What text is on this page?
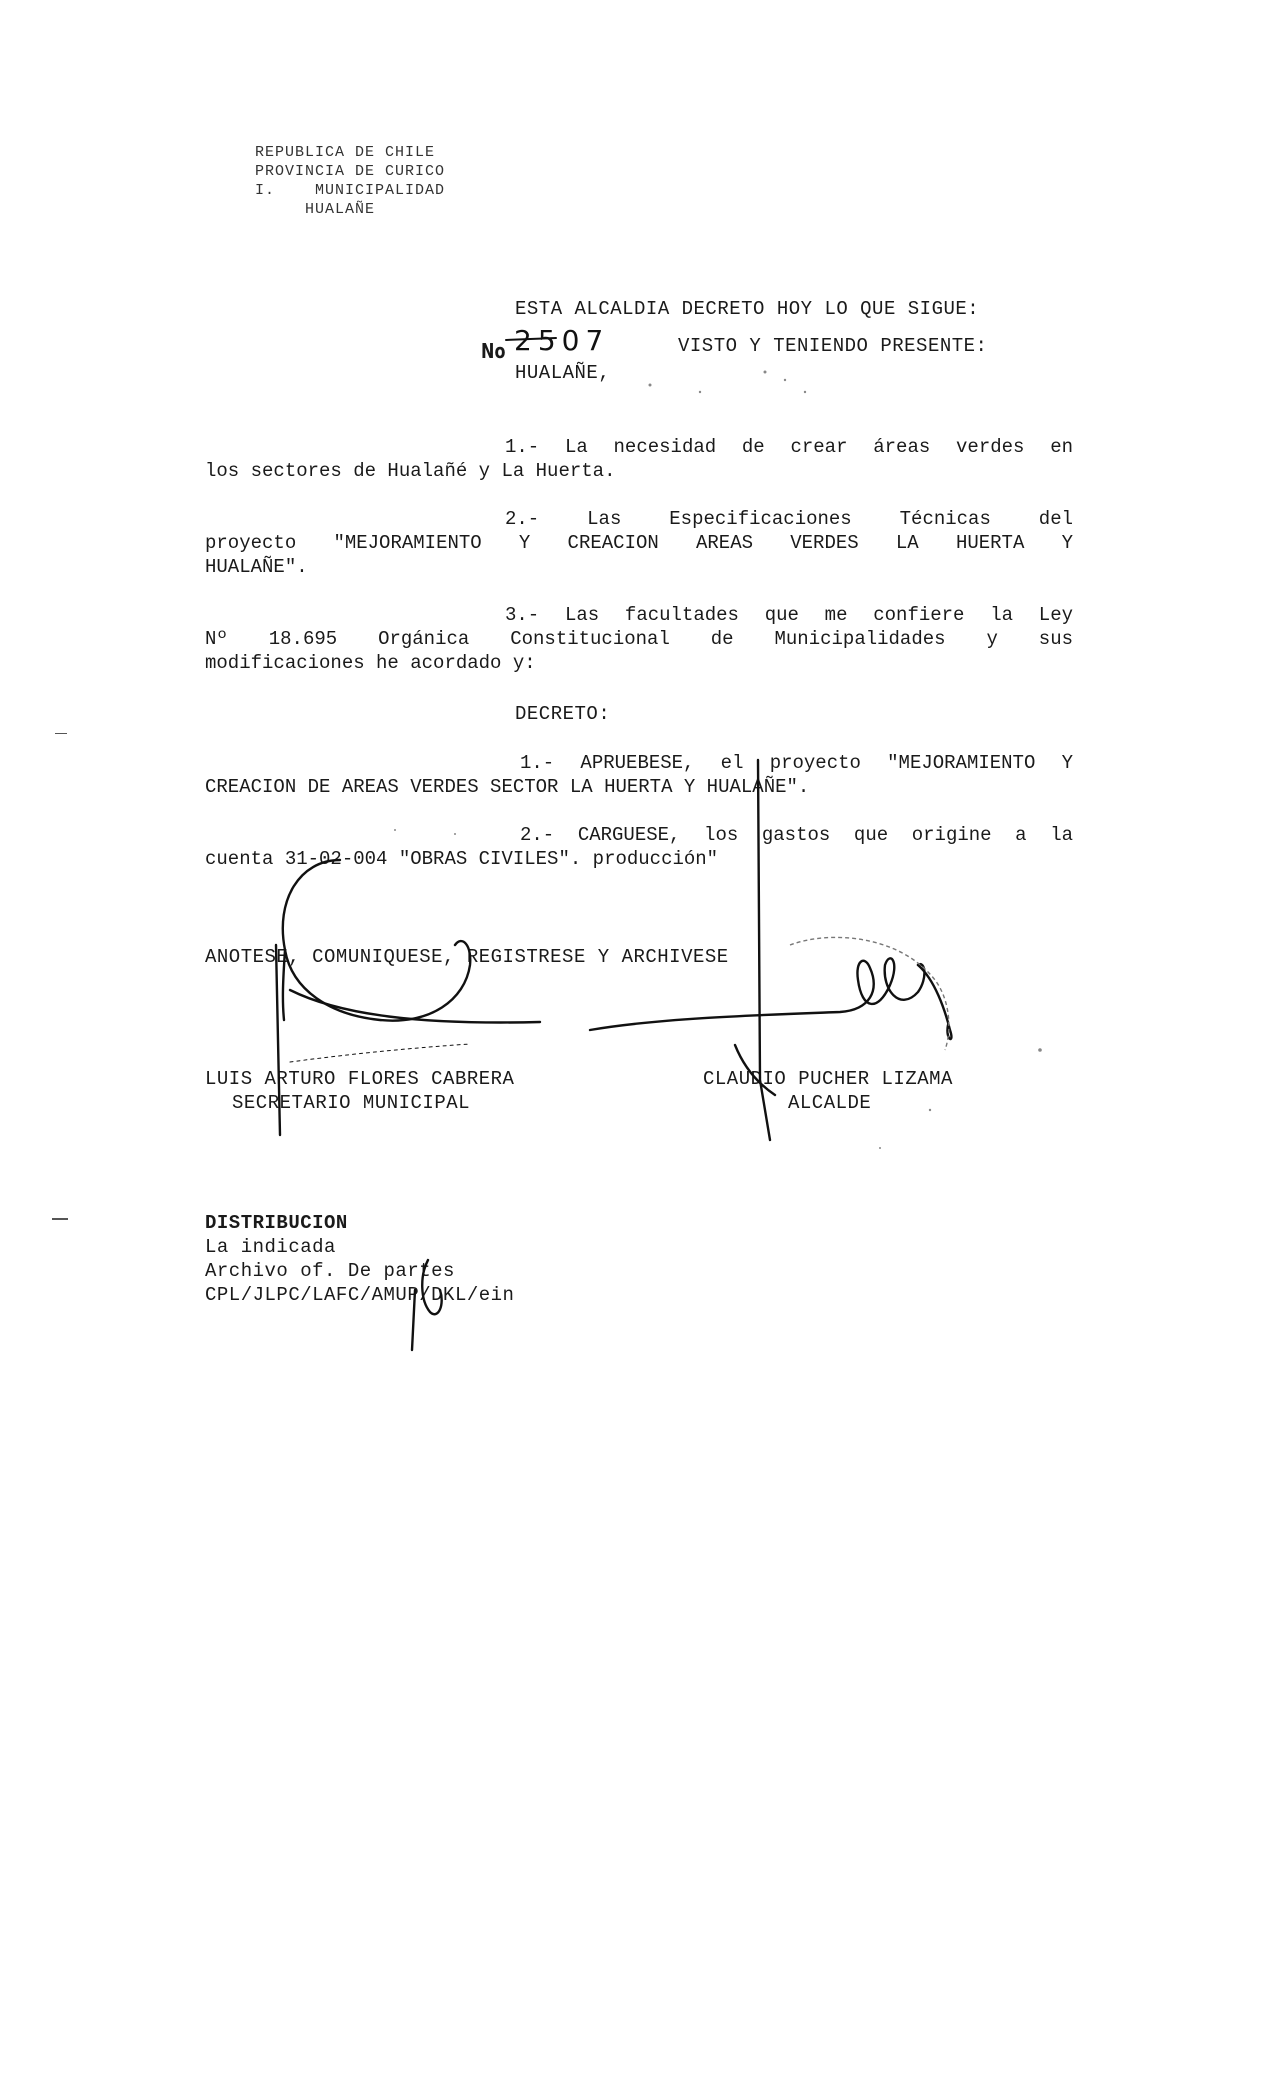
REPUBLICA DE CHILE
PROVINCIA DE CURICO
I.    MUNICIPALIDAD
HUALAÑE
ESTA ALCALDIA DECRETO HOY LO QUE SIGUE:
No 2507	VISTO Y TENIENDO PRESENTE:
HUALAÑE,
1.- La necesidad de crear áreas verdes en
los sectores de Hualañé y La Huerta.
2.- Las Especificaciones Técnicas del
proyecto "MEJORAMIENTO Y CREACION AREAS VERDES LA HUERTA Y
HUALAÑE".
3.- Las facultades que me confiere la Ley
Nº 18.695 Orgánica Constitucional de Municipalidades y sus
modificaciones he acordado y:
DECRETO:
1.- APRUEBESE, el proyecto "MEJORAMIENTO Y
CREACION DE AREAS VERDES SECTOR LA HUERTA Y HUALAÑE".
2.- CARGUESE, los gastos que origine a la
cuenta 31-02-004 "OBRAS CIVILES". producción"
ANOTESE, COMUNIQUESE, REGISTRESE Y ARCHIVESE
LUIS ARTURO FLORES CABRERA
SECRETARIO MUNICIPAL
CLAUDIO PUCHER LIZAMA
ALCALDE
DISTRIBUCION
La indicada
Archivo of. De partes
CPL/JLPC/LAFC/AMUP/DKL/ein
